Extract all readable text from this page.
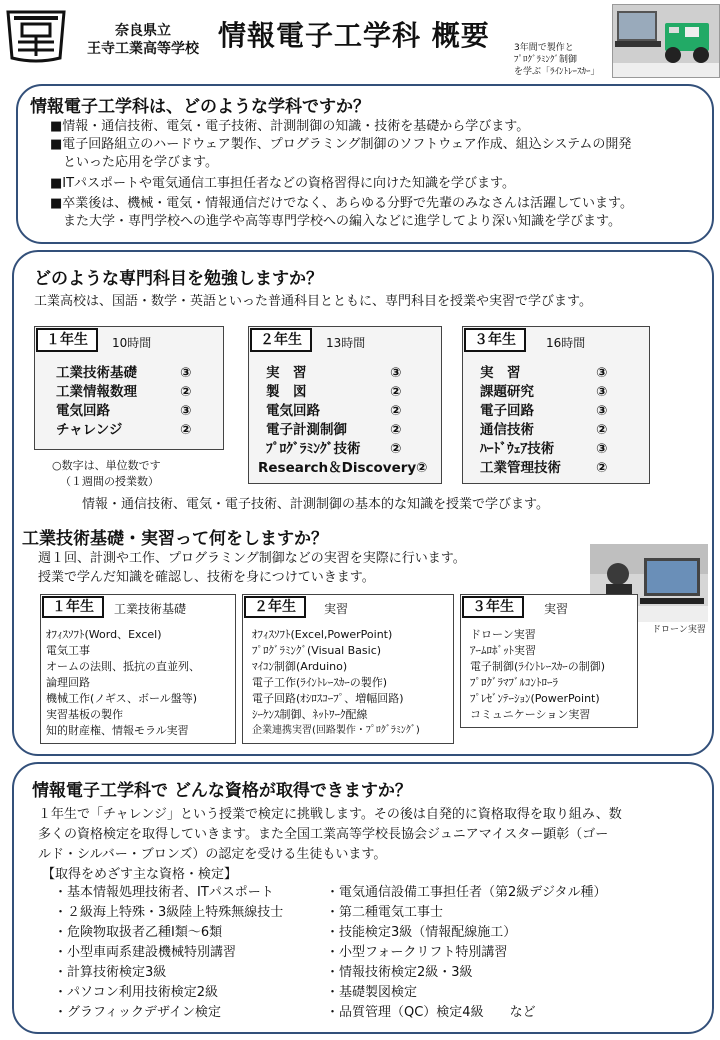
奈良県立
王寺工業高等学校 情報電子工学科 概要	3年間で製作と
ﾌﾟﾛｸﾞﾗﾐﾝｸﾞ制御
を学ぶ「ﾗｲﾝﾄﾚｰｽｶｰ」
情報電子工学科は、どのような学科ですか？
■情報・通信技術、電気・電子技術、計測制御の知識・技術を基礎から学びます。
■電子回路組立のハードウェア製作、プログラミング制御のソフトウェア作成、組込システムの開発
　といった応用を学びます。
■ITパスポートや電気通信工事担任者などの資格習得に向けた知識を学びます。
■卒業後は、機械・電気・情報通信だけでなく、あらゆる分野で先輩のみなさんは活躍しています。
　また大学・専門学校への進学や高等専門学校への編入などに進学してより深い知識を学びます。
どのような専門科目を勉強しますか？
工業高校は、国語・数学・英語といった普通科目とともに、専門科目を授業や実習で学びます。
１年生	10時間
工業技術基礎	③
工業情報数理	②
電気回路	③
チャレンジ	②
○数字は、単位数です
（１週間の授業数）
２年生	13時間
実　習	③
製　図	②
電気回路	②
電子計測制御	②
ﾌﾟﾛｸﾞﾗﾐﾝｸﾞ技術 ②
Research＆Discovery②
３年生	16時間
実　習	③
課題研究	③
電子回路	③
通信技術	②
ﾊｰﾄﾞｳｪｱ技術	③
工業管理技術	②
情報・通信技術、電気・電子技術、計測制御の基本的な知識を授業で学びます。
工業技術基礎・実習って何をしますか？
週１回、計測や工作、プログラミング制御などの実習を実際に行います。
授業で学んだ知識を確認し、技術を身につけていきます。
ドローン実習
１年生	工業技術基礎
ｵﾌｨｽｿﾌﾄ(Word、Excel)
電気工事
オームの法則、抵抗の直並列、
論理回路
機械工作(ノギス、ボール盤等)
実習基板の製作
知的財産権、情報モラル実習
２年生	実習
ｵﾌｨｽｿﾌﾄ(Excel,PowerPoint)
ﾌﾟﾛｸﾞﾗﾐﾝｸﾞ(Visual Basic)
ﾏｲｺﾝ制御(Arduino)
電子工作(ﾗｲﾝﾄﾚｰｽｶｰの製作)
電子回路(ｵｼﾛｽｺｰﾌﾟ、増幅回路)
ｼｰｹﾝｽ制御、ﾈｯﾄﾜｰｸ配線
企業連携実習(回路製作・ﾌﾟﾛｸﾞﾗﾐﾝｸﾞ)
３年生	実習
ドローン実習
ｱｰﾑﾛﾎﾞｯﾄ実習
電子制御(ﾗｲﾝﾄﾚｰｽｶｰの制御)
ﾌﾟﾛｸﾞﾗﾏﾌﾞﾙｺﾝﾄﾛｰﾗ
ﾌﾟﾚｾﾞﾝﾃｰｼｮﾝ(PowerPoint)
コミュニケーション実習
情報電子工学科で どんな資格が取得できますか？
１年生で「チャレンジ」という授業で検定に挑戦します。その後は自発的に資格取得を取り組み、数
多くの資格検定を取得していきます。また全国工業高等学校長協会ジュニアマイスター顕彰（ゴー
ルド・シルバー・ブロンズ）の認定を受ける生徒もいます。
【取得をめざす主な資格・検定】
・基本情報処理技術者、ITパスポート
・２級海上特殊・3級陸上特殊無線技士
・危険物取扱者乙種Ⅰ類～6類
・小型車両系建設機械特別講習
・計算技術検定3級
・パソコン利用技術検定2級
・グラフィックデザイン検定
・電気通信設備工事担任者（第2級デジタル種）
・第二種電気工事士
・技能検定3級（情報配線施工）
・小型フォークリフト特別講習
・情報技術検定2級・3級
・基礎製図検定
・品質管理（QC）検定4級　　など
